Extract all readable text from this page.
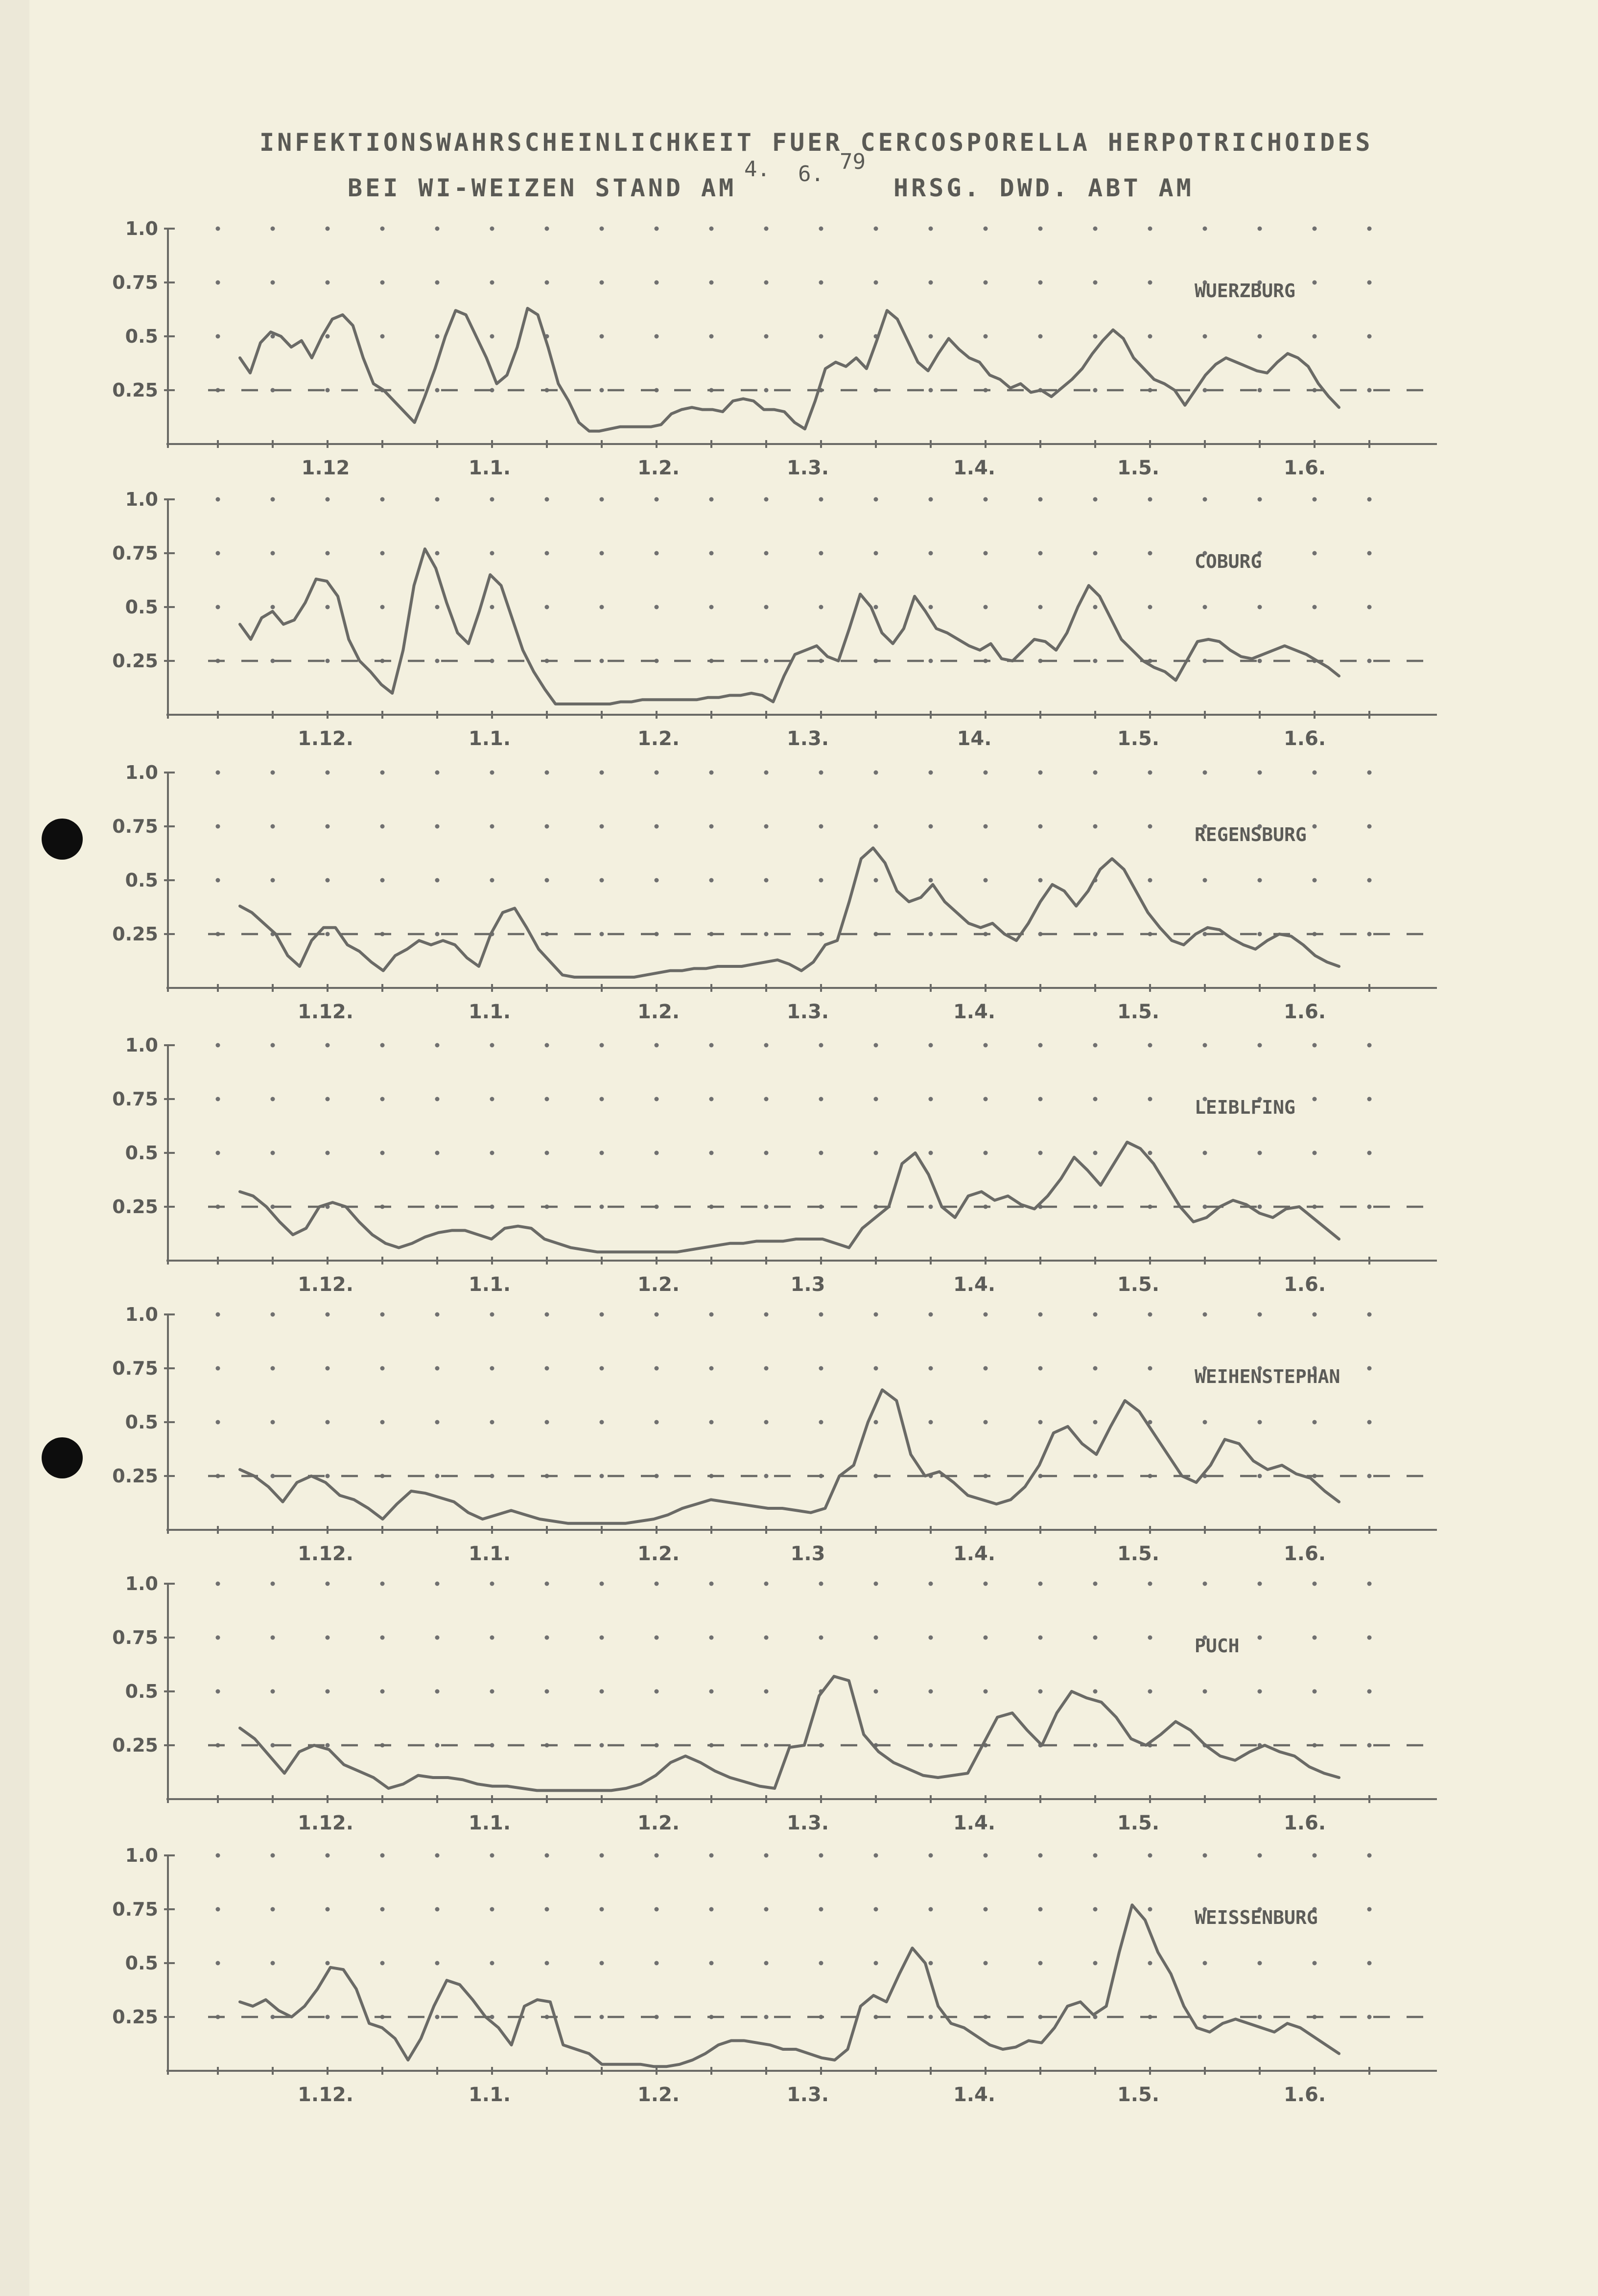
INFEKTIONSWAHRSCHEINLICHKEIT FUER CERCOSPORELLA HERPOTRICHOIDES
BEI WI-WEIZEN STAND AM
4. 6. 79
HRSG. DWD. ABT AM
1.0
0.75
0.5
0.25
1.12	1.1.	1.2.	1.3.	1.4.	1.5.	1.6.
WUERZBURG
1.0
0.75
0.5
0.25
1.12.	1.1.	1.2.	1.3.	14.	1.5.	1.6.
COBURG
1.0
0.75
0.5
0.25
1.12.	1.1.	1.2.	1.3.	1.4.	1.5.	1.6.
REGENSBURG
1.0
0.75
0.5
0.25
1.12.	1.1.	1.2.	1.3	1.4.	1.5.	1.6.
LEIBLFING
1.0
0.75
0.5
0.25
1.12.	1.1.	1.2.	1.3	1.4.	1.5.	1.6.
WEIHENSTEPHAN
1.0
0.75
0.5
0.25
1.12.	1.1.	1.2.	1.3.	1.4.	1.5.	1.6.
PUCH
1.0
0.75
0.5
0.25
1.12.	1.1.	1.2.	1.3.	1.4.	1.5.	1.6.
WEISSENBURG
